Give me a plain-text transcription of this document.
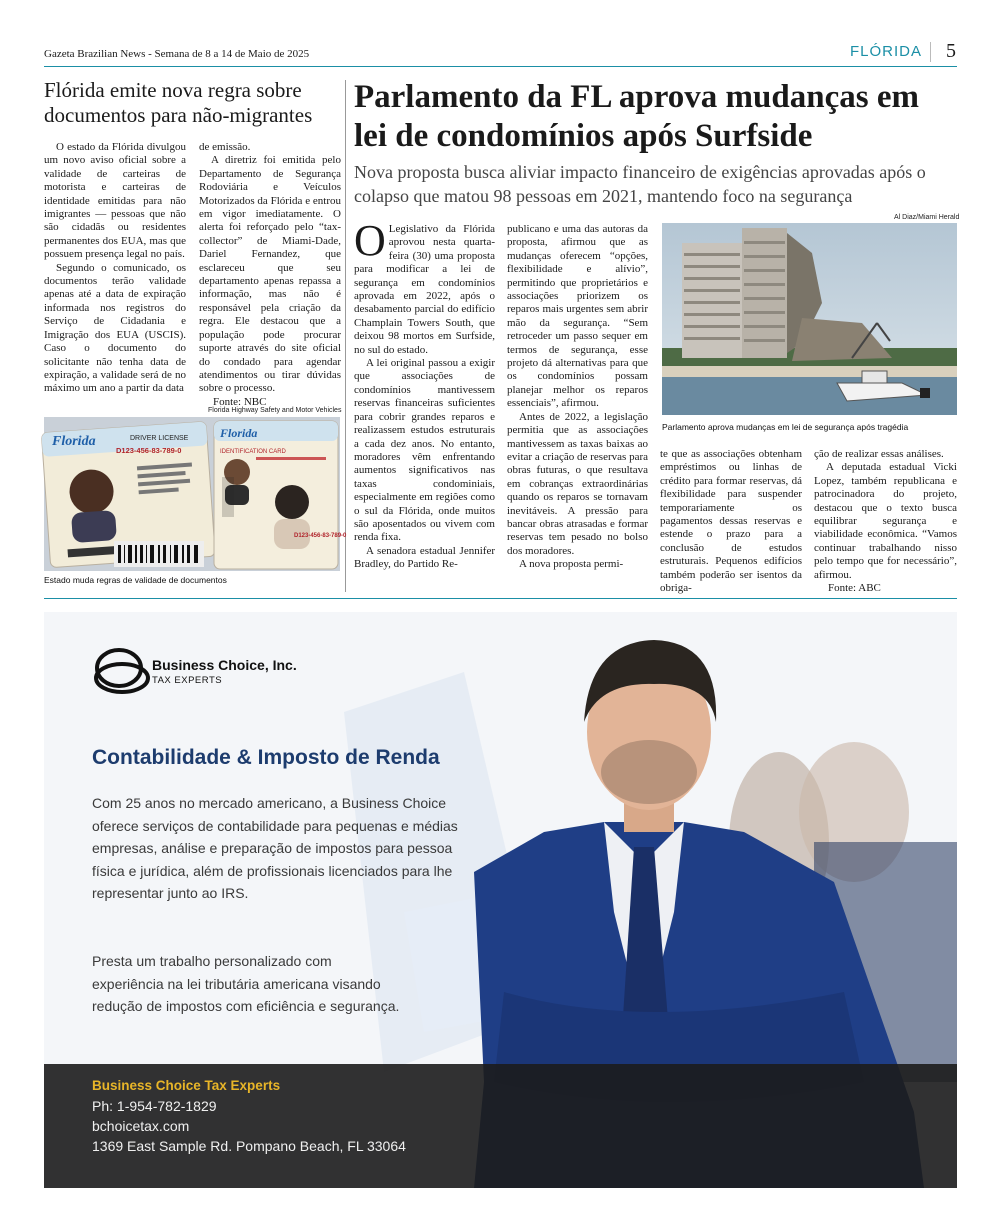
Gazeta Brazilian News - Semana de 8 a 14 de Maio de 2025	FLÓRIDA 5
Flórida emite nova regra sobre documentos para não-migrantes

O estado da Flórida divulgou um novo aviso oficial sobre a validade de carteiras de motorista e carteiras de identidade emitidas para não imigrantes — pessoas que não são cidadãs ou residentes permanentes dos EUA, mas que possuem presença legal no país.

Segundo o comunicado, os documentos terão validade apenas até a data de expiração informada nos registros do Serviço de Cidadania e Imigração dos EUA (USCIS). Caso o documento do solicitante não tenha data de expiração, a validade será de no máximo um ano a partir da data

de emissão.

A diretriz foi emitida pelo Departamento de Segurança Rodoviária e Veículos Motorizados da Flórida e entrou em vigor imediatamente. O alerta foi reforçado pelo “tax-collector” de Miami-Dade, Dariel Fernandez, que esclareceu que seu departamento apenas repassa a informação, mas não é responsável pela criação da regra. Ele destacou que a população pode procurar suporte através do site oficial do condado para agendar atendimentos ou tirar dúvidas sobre o processo.

Fonte: NBC

Florida Highway Safety and Motor Vehicles
Florida	DRIVER LICENSE
D123-456-83-789-0
Florida
IDENTIFICATION CARD
D123-456-83-789-0
Estado muda regras de validade de documentos
Parlamento da FL aprova mudanças em lei de condomínios após Surfside
Nova proposta busca aliviar impacto financeiro de exigências aprovadas após o colapso que matou 98 pessoas em 2021, mantendo foco na segurança

O Legislativo da Flórida aprovou nesta quarta-feira (30) uma proposta para modificar a lei de segurança em condomínios aprovada em 2022, após o desabamento parcial do edifício Champlain Towers South, que deixou 98 mortos em Surfside, no sul do estado.

A lei original passou a exigir que associações de condomínios mantivessem reservas financeiras suficientes para cobrir grandes reparos e realizassem estudos estruturais a cada dez anos. No entanto, moradores vêm enfrentando aumentos significativos nas taxas condominiais, especialmente em regiões como o sul da Flórida, onde muitos são aposentados ou vivem com renda fixa.

A senadora estadual Jennifer Bradley, do Partido Re-

publicano e uma das autoras da proposta, afirmou que as mudanças oferecem “opções, flexibilidade e alívio”, permitindo que proprietários e associações priorizem os reparos mais urgentes sem abrir mão da segurança. “Sem retroceder um passo sequer em termos de segurança, esse projeto dá alternativas para que os condomínios possam planejar melhor os reparos essenciais”, afirmou.

Antes de 2022, a legislação permitia que as associações mantivessem as taxas baixas ao evitar a criação de reservas para obras futuras, o que resultava em cobranças extraordinárias quando os reparos se tornavam inevitáveis. A pressão para bancar obras atrasadas e formar reservas tem pesado no bolso dos moradores.

A nova proposta permi-

Al Diaz/Miami Herald
Parlamento aprova mudanças em lei de segurança após tragédia

te que as associações obtenham empréstimos ou linhas de crédito para formar reservas, dá flexibilidade para suspender temporariamente os pagamentos dessas reservas e estende o prazo para a conclusão de estudos estruturais. Pequenos edifícios também poderão ser isentos da obriga-

ção de realizar essas análises.

A deputada estadual Vicki Lopez, também republicana e patrocinadora do projeto, destacou que o texto busca equilibrar segurança e viabilidade econômica. “Vamos continuar trabalhando nisso pelo tempo que for necessário”, afirmou.

Fonte: ABC

Business Choice, Inc.
TAX EXPERTS
Contabilidade & Imposto de Renda
Com 25 anos no mercado americano, a Business Choice oferece serviços de contabilidade para pequenas e médias empresas, análise e preparação de impostos para pessoa física e jurídica, além de profissionais licenciados para lhe representar junto ao IRS.
Presta um trabalho personalizado com experiência na lei tributária americana visando redução de impostos com eficiência e segurança.
Business Choice Tax Experts
Ph: 1-954-782-1829
bchoicetax.com
1369 East Sample Rd. Pompano Beach, FL 33064
